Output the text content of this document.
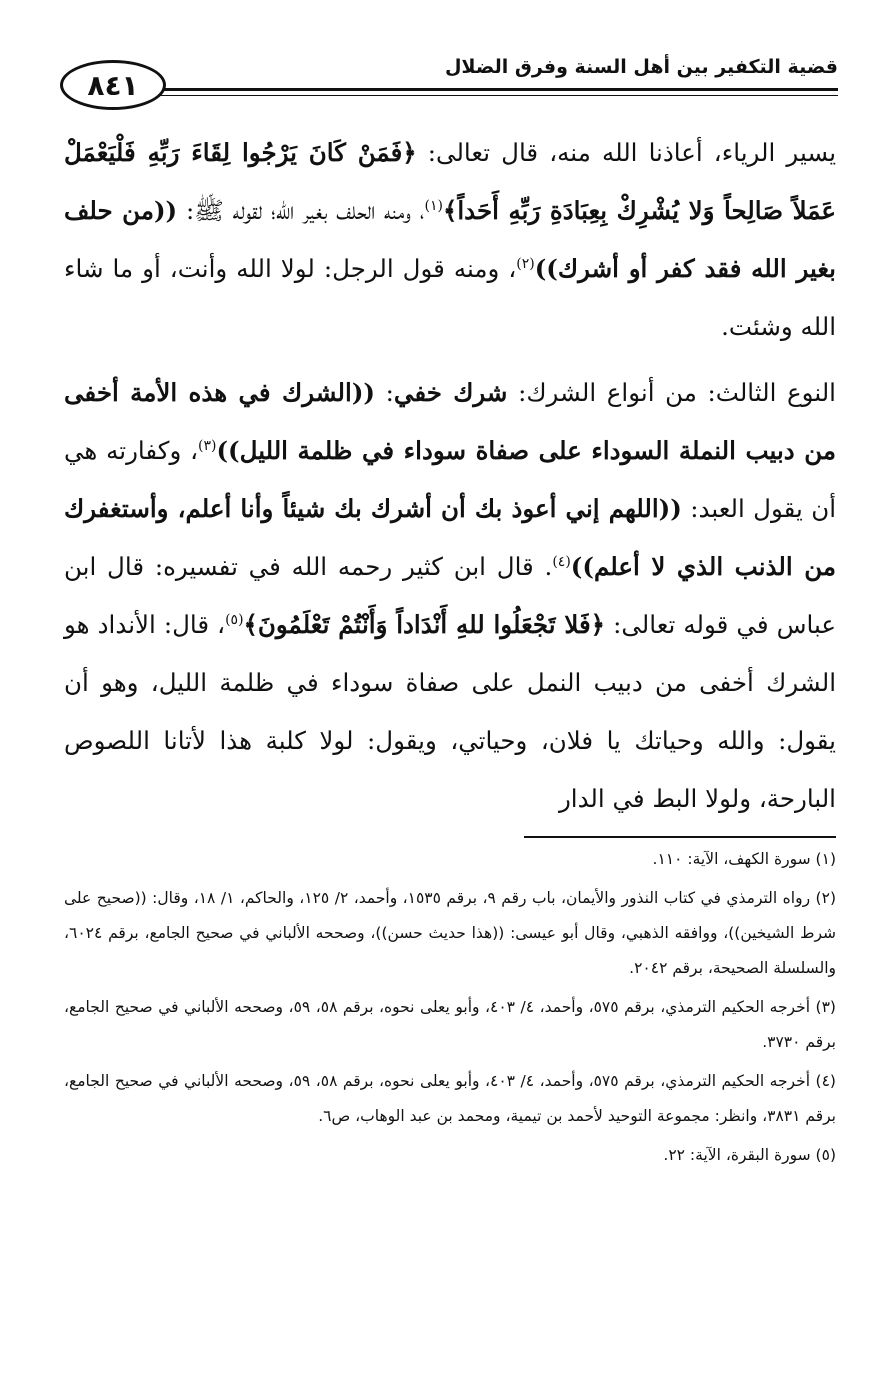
٨٤١
قضية التكفير بين أهل السنة وفرق الضلال

يسير الرياء، أعاذنا الله منه، قال تعالى: ﴿فَمَنْ كَانَ يَرْجُوا لِقَاءَ رَبِّهِ فَلْيَعْمَلْ عَمَلاً صَالِحاً وَلا يُشْرِكْ بِعِبَادَةِ رَبِّهِ أَحَداً﴾$^{(١)}$، ومنه الحلف بغير الله؛ لقوله ﷺ: ((من حلف بغير الله فقد كفر أو أشرك))$^{(٢)}$، ومنه قول الرجل: لولا الله وأنت، أو ما شاء الله وشئت.

النوع الثالث: من أنواع الشرك: شرك خفي: ((الشرك في هذه الأمة أخفى من دبيب النملة السوداء على صفاة سوداء في ظلمة الليل))$^{(٣)}$، وكفارته هي أن يقول العبد: ((اللهم إني أعوذ بك أن أشرك بك شيئاً وأنا أعلم، وأستغفرك من الذنب الذي لا أعلم))$^{(٤)}$. قال ابن كثير رحمه الله في تفسيره: قال ابن عباس في قوله تعالى: ﴿فَلا تَجْعَلُوا للهِ أَنْدَاداً وَأَنْتُمْ تَعْلَمُونَ﴾$^{(٥)}$، قال: الأنداد هو الشرك أخفى من دبيب النمل على صفاة سوداء في ظلمة الليل، وهو أن يقول: والله وحياتك يا فلان، وحياتي، ويقول: لولا كلبة هذا لأتانا اللصوص البارحة، ولولا البط في الدار

(١) سورة الكهف، الآية: ١١٠.
(٢) رواه الترمذي في كتاب النذور والأيمان، باب رقم ٩، برقم ١٥٣٥، وأحمد، ٢/ ١٢٥، والحاكم، ١/ ١٨، وقال: ((صحيح على شرط الشيخين))، ووافقه الذهبي، وقال أبو عيسى: ((هذا حديث حسن))، وصححه الألباني في صحيح الجامع، برقم ٦٠٢٤، والسلسلة الصحيحة، برقم ٢٠٤٢.
(٣) أخرجه الحكيم الترمذي، برقم ٥٧٥، وأحمد، ٤/ ٤٠٣، وأبو يعلى نحوه، برقم ٥٨، ٥٩، وصححه الألباني في صحيح الجامع، برقم ٣٧٣٠.
(٤) أخرجه الحكيم الترمذي، برقم ٥٧٥، وأحمد، ٤/ ٤٠٣، وأبو يعلى نحوه، برقم ٥٨، ٥٩، وصححه الألباني في صحيح الجامع، برقم ٣٨٣١، وانظر: مجموعة التوحيد لأحمد بن تيمية، ومحمد بن عبد الوهاب، ص٦.
(٥) سورة البقرة، الآية: ٢٢.
